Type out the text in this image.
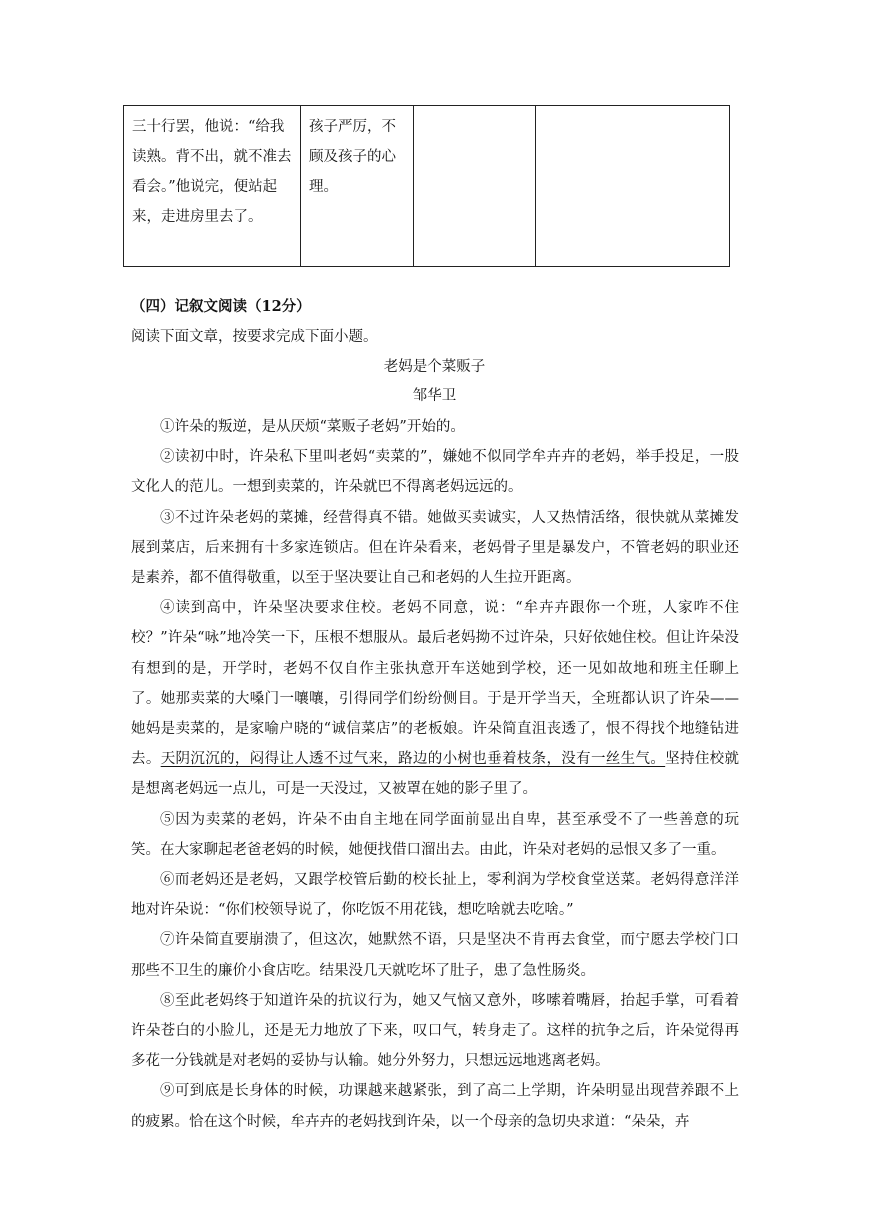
三十行罢，他说：“给我读熟。背不出，就不准去看会。”他说完，便站起来，走进房里去了。	孩子严厉，不顾及孩子的心理。		
（四）记叙文阅读（12分）

阅读下面文章，按要求完成下面小题。

老妈是个菜贩子

邹华卫

①许朵的叛逆，是从厌烦“菜贩子老妈”开始的。

②读初中时，许朵私下里叫老妈“卖菜的”，嫌她不似同学牟卉卉的老妈，举手投足，一股文化人的范儿。一想到卖菜的，许朵就巴不得离老妈远远的。

③不过许朵老妈的菜摊，经营得真不错。她做买卖诚实，人又热情活络，很快就从菜摊发展到菜店，后来拥有十多家连锁店。但在许朵看来，老妈骨子里是暴发户，不管老妈的职业还是素养，都不值得敬重，以至于坚决要让自己和老妈的人生拉开距离。

④读到高中，许朵坚决要求住校。老妈不同意，说：“牟卉卉跟你一个班，人家咋不住校？”许朵“咏”地冷笑一下，压根不想服从。最后老妈拗不过许朵，只好依她住校。但让许朵没有想到的是，开学时，老妈不仅自作主张执意开车送她到学校，还一见如故地和班主任聊上了。她那卖菜的大嗓门一嚷嚷，引得同学们纷纷侧目。于是开学当天，全班都认识了许朵——她妈是卖菜的，是家喻户晓的“诚信菜店”的老板娘。许朵简直沮丧透了，恨不得找个地缝钻进去。天阴沉沉的，闷得让人透不过气来，路边的小树也垂着枝条，没有一丝生气。坚持住校就是想离老妈远一点儿，可是一天没过，又被罩在她的影子里了。

⑤因为卖菜的老妈，许朵不由自主地在同学面前显出自卑，甚至承受不了一些善意的玩笑。在大家聊起老爸老妈的时候，她便找借口溜出去。由此，许朵对老妈的忌恨又多了一重。

⑥而老妈还是老妈，又跟学校管后勤的校长扯上，零利润为学校食堂送菜。老妈得意洋洋地对许朵说：“你们校领导说了，你吃饭不用花钱，想吃啥就去吃啥。”

⑦许朵简直要崩溃了，但这次，她默然不语，只是坚决不肯再去食堂，而宁愿去学校门口那些不卫生的廉价小食店吃。结果没几天就吃坏了肚子，患了急性肠炎。

⑧至此老妈终于知道许朵的抗议行为，她又气恼又意外，哆嗦着嘴唇，抬起手掌，可看着许朵苍白的小脸儿，还是无力地放了下来，叹口气，转身走了。这样的抗争之后，许朵觉得再多花一分钱就是对老妈的妥协与认输。她分外努力，只想远远地逃离老妈。

⑨可到底是长身体的时候，功课越来越紧张，到了高二上学期，许朵明显出现营养跟不上的疲累。恰在这个时候，牟卉卉的老妈找到许朵，以一个母亲的急切央求道：“朵朵，卉
